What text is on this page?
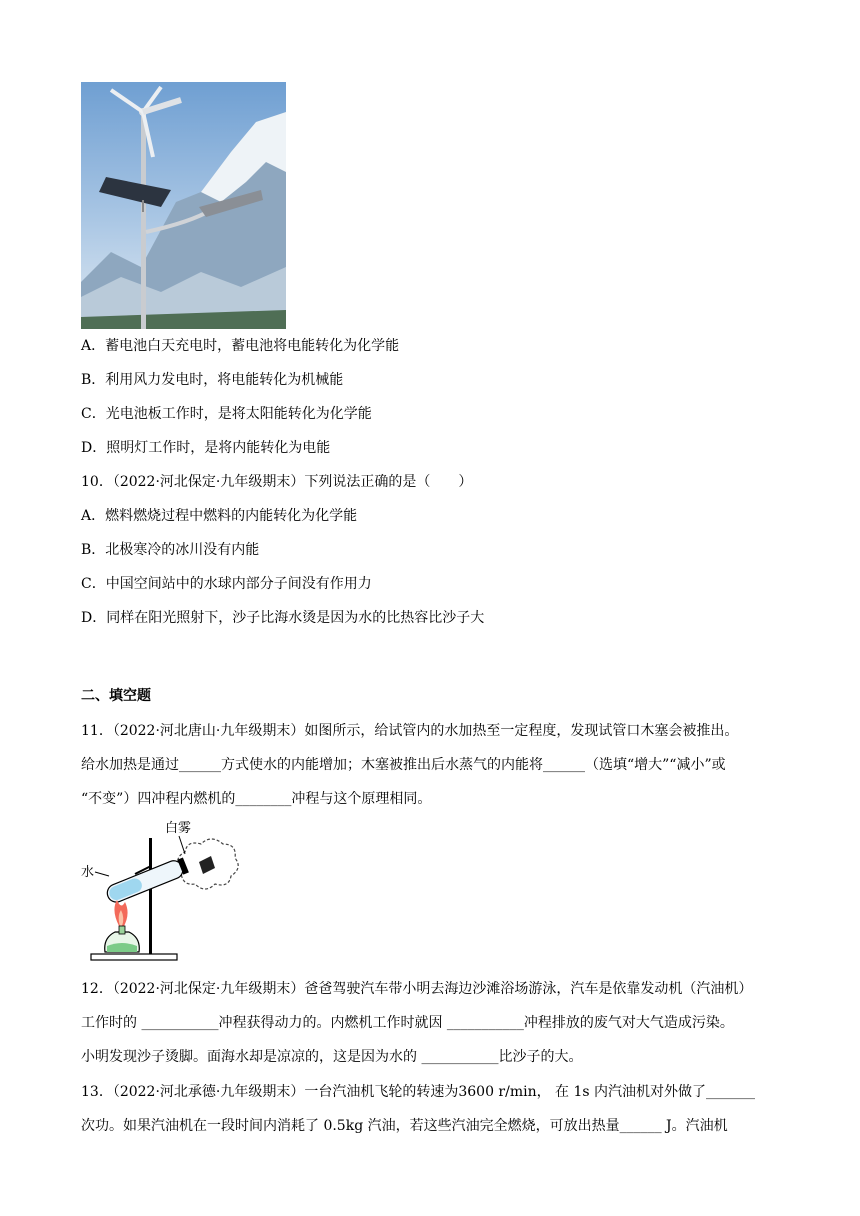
A．蓄电池白天充电时，蓄电池将电能转化为化学能
B．利用风力发电时，将电能转化为机械能
C．光电池板工作时，是将太阳能转化为化学能
D．照明灯工作时，是将内能转化为电能
10．（2022·河北保定·九年级期末）下列说法正确的是（　　）
A．燃料燃烧过程中燃料的内能转化为化学能
B．北极寒冷的冰川没有内能
C．中国空间站中的水球内部分子间没有作用力
D．同样在阳光照射下，沙子比海水烫是因为水的比热容比沙子大
二、填空题
11．（2022·河北唐山·九年级期末）如图所示，给试管内的水加热至一定程度，发现试管口木塞会被推出。
给水加热是通过______方式使水的内能增加；木塞被推出后水蒸气的内能将______（选填“增大”“减小”或
“不变”）四冲程内燃机的________冲程与这个原理相同。
白雾
水
12．（2022·河北保定·九年级期末）爸爸驾驶汽车带小明去海边沙滩浴场游泳，汽车是依靠发动机（汽油机）
工作时的 ___________冲程获得动力的。内燃机工作时就因 ___________冲程排放的废气对大气造成污染。
小明发现沙子烫脚。面海水却是凉凉的，这是因为水的 ___________比沙子的大。
13．（2022·河北承德·九年级期末）一台汽油机飞轮的转速为3600 r/min， 在 1s 内汽油机对外做了_______
次功。如果汽油机在一段时间内消耗了 0.5kg 汽油，若这些汽油完全燃烧，可放出热量______ J。汽油机
